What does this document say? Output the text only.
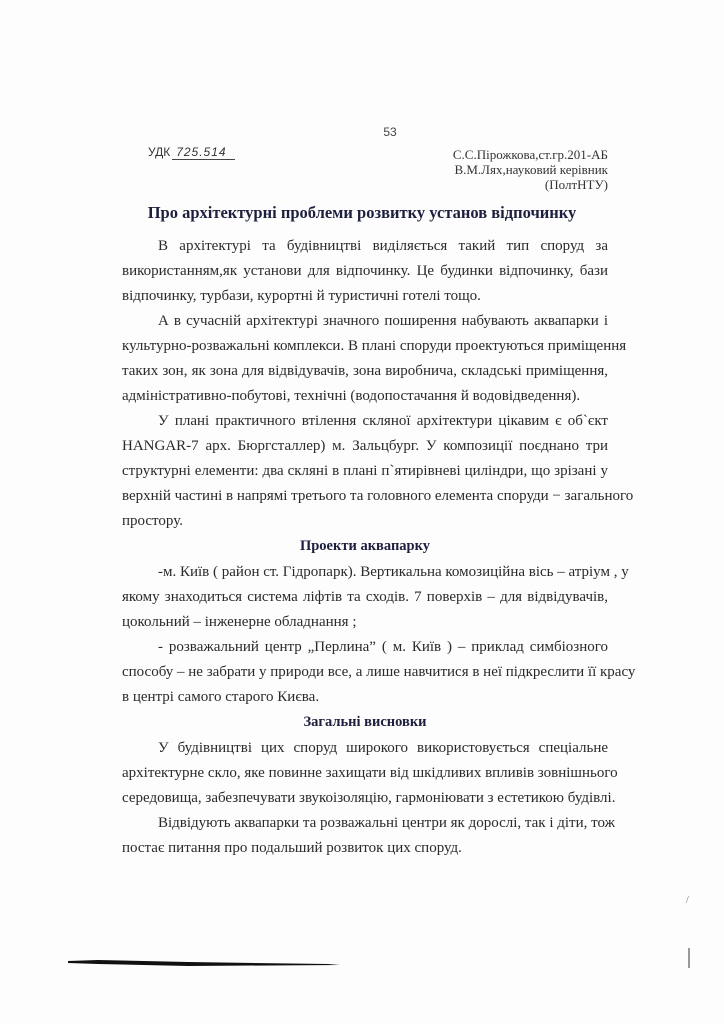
53
УДК 725.514	С.С.Пірожкова,ст.гр.201-АБ
В.М.Лях,науковий керівник
(ПолтНТУ)
Про архітектурні проблеми розвитку установ відпочинку
В архітектурі та будівництві виділяється такий тип споруд за
використанням,як установи для відпочинку. Це будинки відпочинку, бази
відпочинку, турбази, курортні й туристичні готелі тощо.
А в сучасній архітектурі значного поширення набувають аквапарки і
культурно-розважальні комплекси. В плані споруди проектуються приміщення
таких зон, як зона для відвідувачів, зона виробнича, складські приміщення,
адміністративно-побутові, технічні (водопостачання й водовідведення).
У плані практичного втілення скляної архітектури цікавим є об`єкт
HANGAR-7 арх. Бюргсталлер) м. Зальцбург. У композиції поєднано три
структурні елементи: два скляні в плані п`ятирівневі циліндри, що зрізані у
верхній частині в напрямі третього та головного елемента споруди − загального
простору.
Проекти аквапарку
-м. Київ ( район ст. Гідропарк). Вертикальна комозиційна вісь – атріум , у
якому знаходиться система ліфтів та сходів. 7 поверхів – для відвідувачів,
цокольний – інженерне обладнання ;
- розважальний центр „Перлина” ( м. Київ ) – приклад симбіозного
способу – не забрати у природи все, а лише навчитися в неї підкреслити її красу
в центрі самого старого Києва.
Загальні висновки
У будівництві цих споруд широкого використовується спеціальне
архітектурне скло, яке повинне захищати від шкідливих впливів зовнішнього
середовища, забезпечувати звукоізоляцію, гармоніювати з естетикою будівлі.
Відвідують аквапарки та розважальні центри як дорослі, так і діти, тож
постає питання про подальший розвиток цих споруд.
/
